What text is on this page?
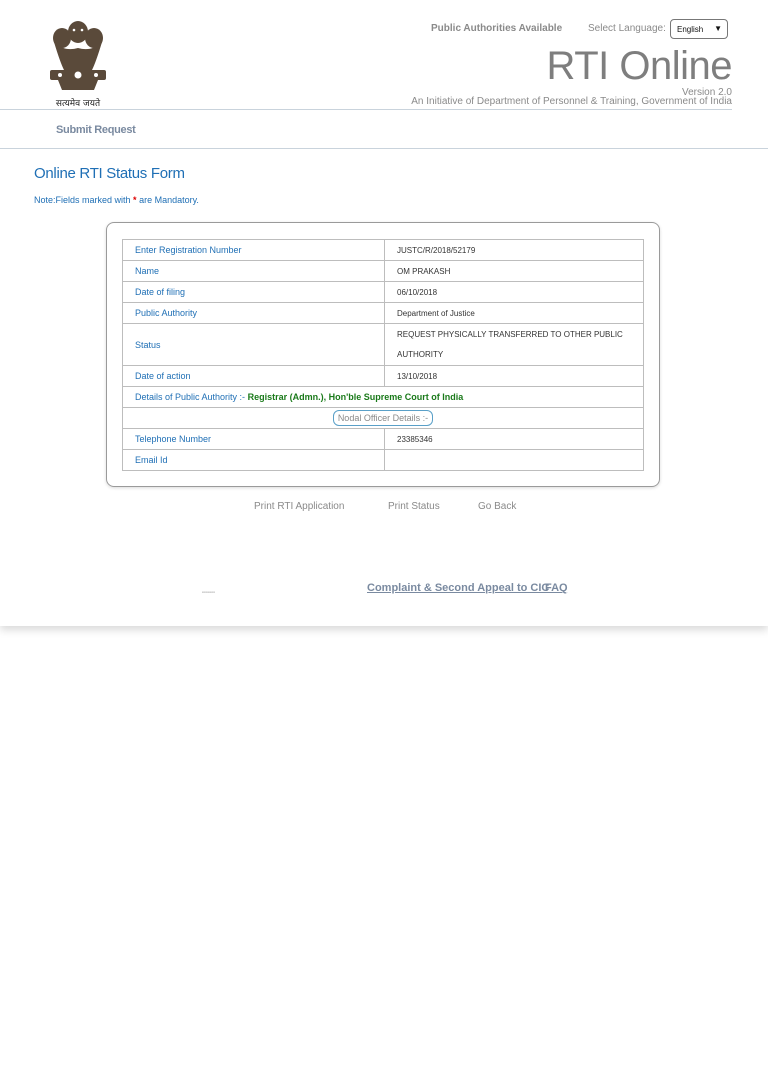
सत्यमेव जयते
Public Authorities Available	Select Language:	English ▼
RTI Online
Version 2.0
An Initiative of Department of Personnel & Training, Government of India
Submit Request
Online RTI Status Form
Note:Fields marked with * are Mandatory.
Enter Registration Number	JUSTC/R/2018/52179
Name	OM PRAKASH
Date of filing	06/10/2018
Public Authority	Department of Justice
Status	REQUEST PHYSICALLY TRANSFERRED TO OTHER PUBLIC AUTHORITY
Date of action	13/10/2018
Details of Public Authority :- Registrar (Admn.), Hon'ble Supreme Court of India	
Nodal Officer Details :-	
Telephone Number	23385346
Email Id	
Print RTI Application	Print Status	Go Back
▪▪▪▪▪▪▪▪▪▪▪▪	Complaint & Second Appeal to CIC
FAQ
